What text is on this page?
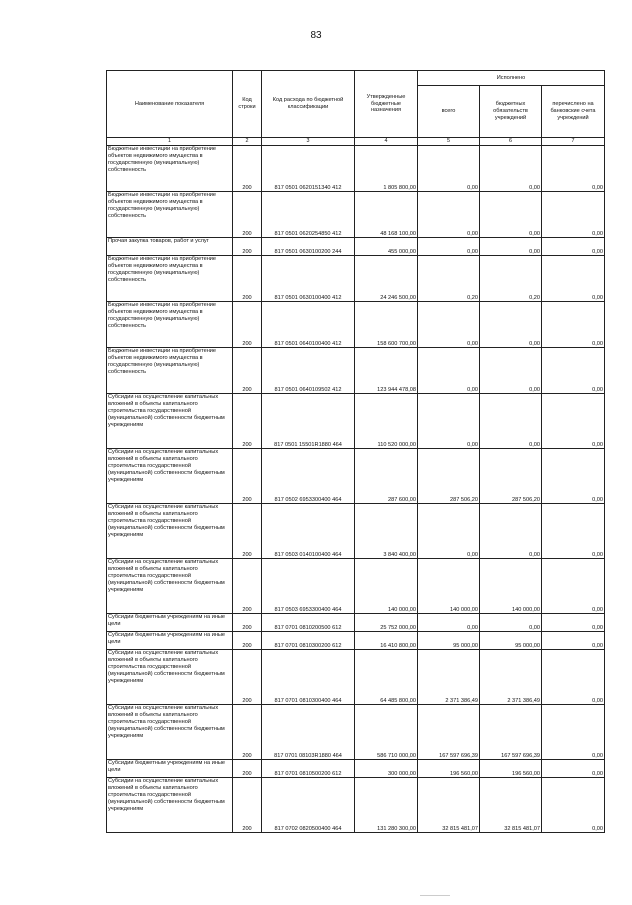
83
Наименование показателя	Код строки	Код расхода по бюджетной классификации	Утвержденные бюджетные назначения	Исполнено		
				всего	бюджетных обязательств учреждений	перечислено на банковские счета учреждений
1	2	3	4	5	6	7
Бюджетные инвестиции на приобретение объектов недвижимого имущества в государственную (муниципальную) собственность	200	817 0501 0620151340 412	1 805 800,00	0,00	0,00	0,00
Бюджетные инвестиции на приобретение объектов недвижимого имущества в государственную (муниципальную) собственность	200	817 0501 0620254850 412	48 168 100,00	0,00	0,00	0,00
Прочая закупка товаров, работ и услуг	200	817 0501 0630100200 244	455 000,00	0,00	0,00	0,00
Бюджетные инвестиции на приобретение объектов недвижимого имущества в государственную (муниципальную) собственность	200	817 0501 0630100400 412	24 246 500,00	0,20	0,20	0,00
Бюджетные инвестиции на приобретение объектов недвижимого имущества в государственную (муниципальную) собственность	200	817 0501 0640100400 412	158 600 700,00	0,00	0,00	0,00
Бюджетные инвестиции на приобретение объектов недвижимого имущества в государственную (муниципальную) собственность	200	817 0501 0640109502 412	123 944 478,08	0,00	0,00	0,00
Субсидии на осуществление капитальных вложений в объекты капитального строительства государственной (муниципальной) собственности бюджетным учреждениям	200	817 0501 15501R1880 464	110 520 000,00	0,00	0,00	0,00
Субсидии на осуществление капитальных вложений в объекты капитального строительства государственной (муниципальной) собственности бюджетным учреждениям	200	817 0502 6953300400 464	287 600,00	287 506,20	287 506,20	0,00
Субсидии на осуществление капитальных вложений в объекты капитального строительства государственной (муниципальной) собственности бюджетным учреждениям	200	817 0503 0140100400 464	3 840 400,00	0,00	0,00	0,00
Субсидии на осуществление капитальных вложений в объекты капитального строительства государственной (муниципальной) собственности бюджетным учреждениям	200	817 0503 6953300400 464	140 000,00	140 000,00	140 000,00	0,00
Субсидии бюджетным учреждениям на иные цели	200	817 0701 0810200500 612	25 752 000,00	0,00	0,00	0,00
Субсидии бюджетным учреждениям на иные цели	200	817 0701 0810300200 612	16 410 800,00	95 000,00	95 000,00	0,00
Субсидии на осуществление капитальных вложений в объекты капитального строительства государственной (муниципальной) собственности бюджетным учреждениям	200	817 0701 0810300400 464	64 485 800,00	2 371 386,49	2 371 386,49	0,00
Субсидии на осуществление капитальных вложений в объекты капитального строительства государственной (муниципальной) собственности бюджетным учреждениям	200	817 0701 08103R1880 464	586 710 000,00	167 597 696,39	167 597 696,39	0,00
Субсидии бюджетным учреждениям на иные цели	200	817 0701 0810500200 612	300 000,00	196 560,00	196 560,00	0,00
Субсидии на осуществление капитальных вложений в объекты капитального строительства государственной (муниципальной) собственности бюджетным учреждениям	200	817 0702 0820500400 464	131 280 300,00	32 815 481,07	32 815 481,07	0,00
